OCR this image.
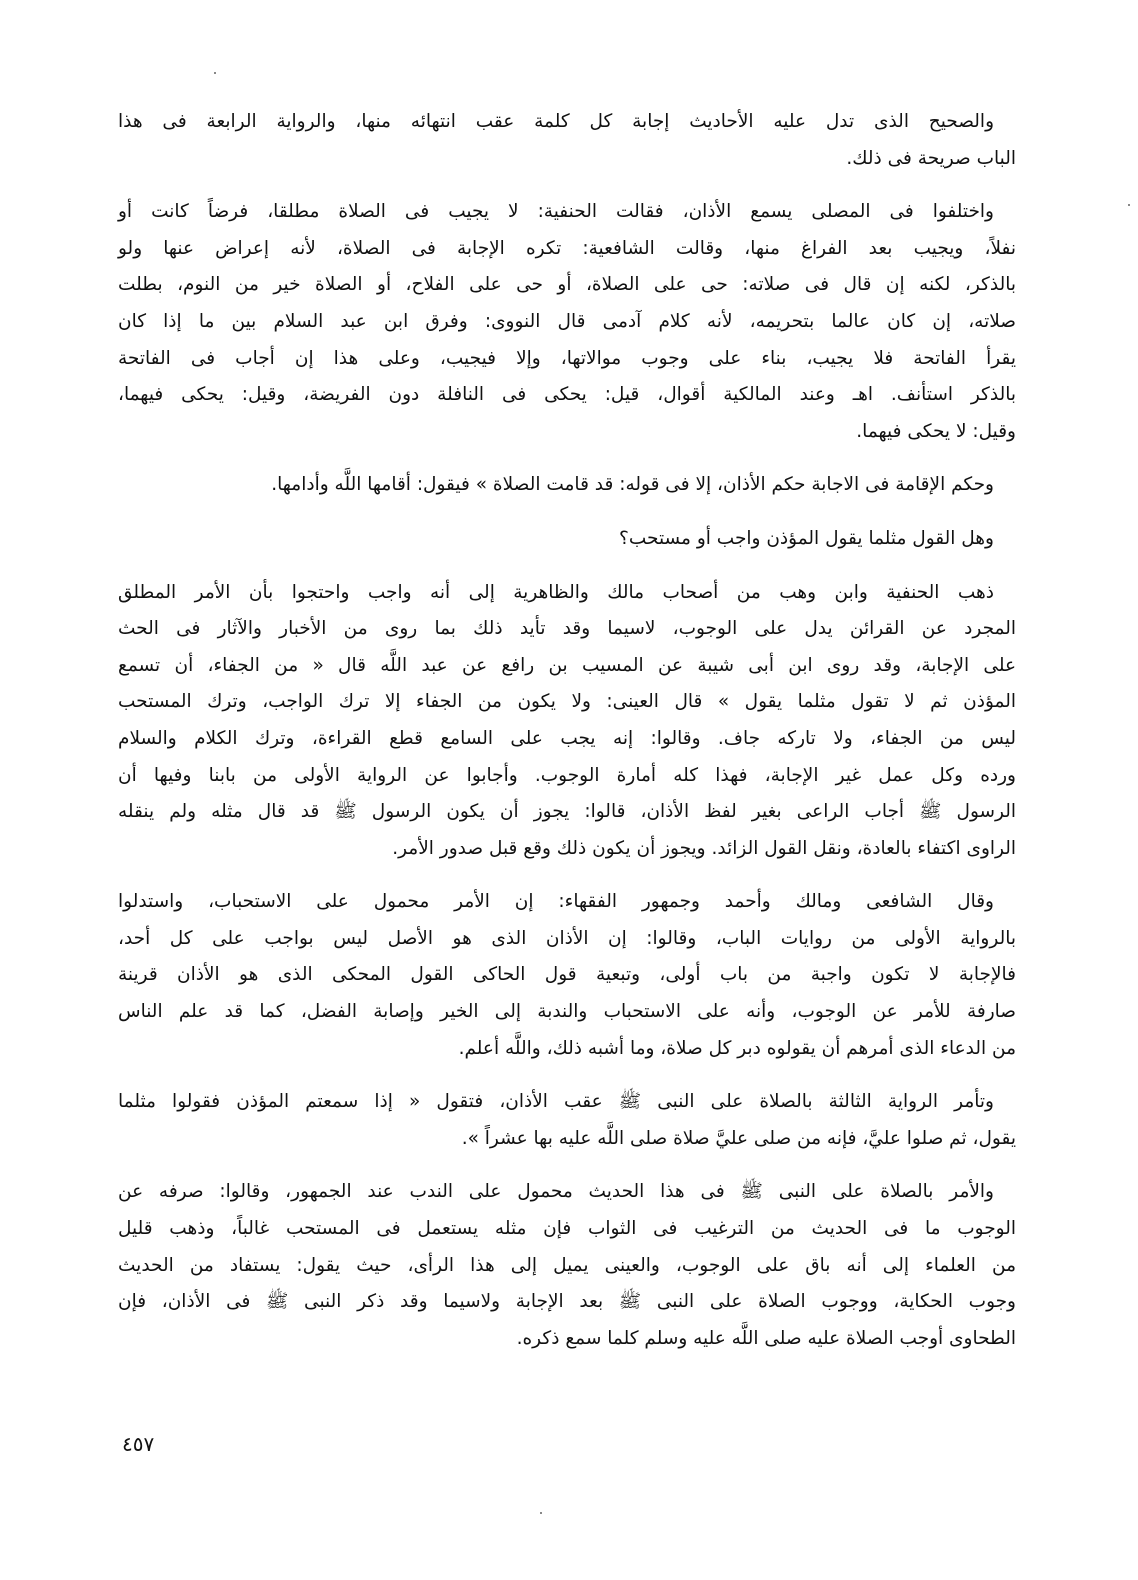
والصحيح الذى تدل عليه الأحاديث إجابة كل كلمة عقب انتهائه منها، والرواية الرابعة فى هذا
الباب صريحة فى ذلك.
واختلفوا فى المصلى يسمع الأذان، فقالت الحنفية: لا يجيب فى الصلاة مطلقا، فرضاً كانت أو
نفلاً، ويجيب بعد الفراغ منها، وقالت الشافعية: تكره الإجابة فى الصلاة، لأنه إعراض عنها ولو
بالذكر، لكنه إن قال فى صلاته: حى على الصلاة، أو حى على الفلاح، أو الصلاة خير من النوم، بطلت
صلاته، إن كان عالما بتحريمه، لأنه كلام آدمى قال النووى: وفرق ابن عبد السلام بين ما إذا كان
يقرأ الفاتحة فلا يجيب، بناء على وجوب موالاتها، وإلا فيجيب، وعلى هذا إن أجاب فى الفاتحة
بالذكر استأنف. اهـ وعند المالكية أقوال، قيل: يحكى فى النافلة دون الفريضة، وقيل: يحكى فيهما،
وقيل: لا يحكى فيهما.
وحكم الإقامة فى الاجابة حكم الأذان، إلا فى قوله: قد قامت الصلاة » فيقول: أقامها اللَّه وأدامها.
وهل القول مثلما يقول المؤذن واجب أو مستحب؟
ذهب الحنفية وابن وهب من أصحاب مالك والظاهرية إلى أنه واجب واحتجوا بأن الأمر المطلق
المجرد عن القرائن يدل على الوجوب، لاسيما وقد تأيد ذلك بما روى من الأخبار والآثار فى الحث
على الإجابة، وقد روى ابن أبى شيبة عن المسيب بن رافع عن عبد اللَّه قال « من الجفاء، أن تسمع
المؤذن ثم لا تقول مثلما يقول » قال العينى: ولا يكون من الجفاء إلا ترك الواجب، وترك المستحب
ليس من الجفاء، ولا تاركه جاف. وقالوا: إنه يجب على السامع قطع القراءة، وترك الكلام والسلام
ورده وكل عمل غير الإجابة، فهذا كله أمارة الوجوب. وأجابوا عن الرواية الأولى من بابنا وفيها أن
الرسول ﷺ أجاب الراعى بغير لفظ الأذان، قالوا: يجوز أن يكون الرسول ﷺ قد قال مثله ولم ينقله
الراوى اكتفاء بالعادة، ونقل القول الزائد. ويجوز أن يكون ذلك وقع قبل صدور الأمر.
وقال الشافعى ومالك وأحمد وجمهور الفقهاء: إن الأمر محمول على الاستحباب، واستدلوا
بالرواية الأولى من روايات الباب، وقالوا: إن الأذان الذى هو الأصل ليس بواجب على كل أحد،
فالإجابة لا تكون واجبة من باب أولى، وتبعية قول الحاكى القول المحكى الذى هو الأذان قرينة
صارفة للأمر عن الوجوب، وأنه على الاستحباب والندبة إلى الخير وإصابة الفضل، كما قد علم الناس
من الدعاء الذى أمرهم أن يقولوه دبر كل صلاة، وما أشبه ذلك، واللَّه أعلم.
وتأمر الرواية الثالثة بالصلاة على النبى ﷺ عقب الأذان، فتقول « إذا سمعتم المؤذن فقولوا مثلما
يقول، ثم صلوا عليَّ، فإنه من صلى عليَّ صلاة صلى اللَّه عليه بها عشراً ».
والأمر بالصلاة على النبى ﷺ فى هذا الحديث محمول على الندب عند الجمهور، وقالوا: صرفه عن
الوجوب ما فى الحديث من الترغيب فى الثواب فإن مثله يستعمل فى المستحب غالباً، وذهب قليل
من العلماء إلى أنه باق على الوجوب، والعينى يميل إلى هذا الرأى، حيث يقول: يستفاد من الحديث
وجوب الحكاية، ووجوب الصلاة على النبى ﷺ بعد الإجابة ولاسيما وقد ذكر النبى ﷺ فى الأذان، فإن
الطحاوى أوجب الصلاة عليه صلى اللَّه عليه وسلم كلما سمع ذكره.
٤٥٧
